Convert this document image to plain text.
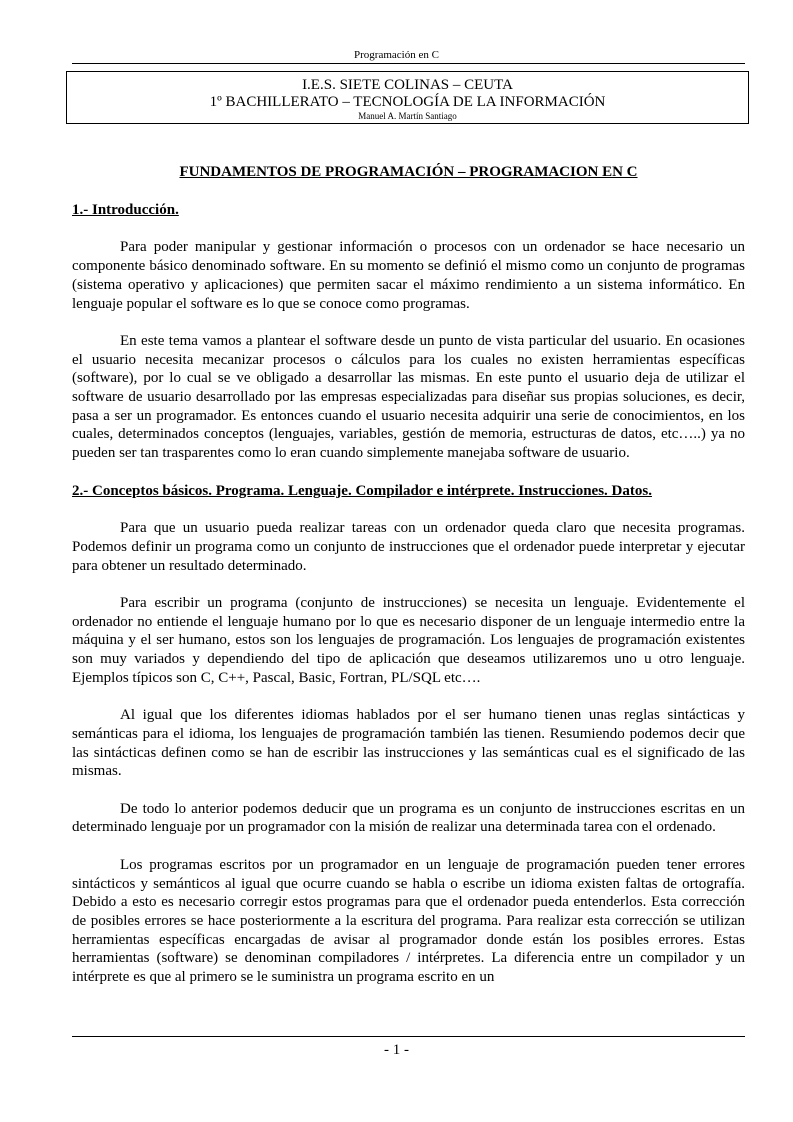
Programación en C
I.E.S. SIETE COLINAS – CEUTA
1º BACHILLERATO – TECNOLOGÍA DE LA INFORMACIÓN
Manuel A. Martín Santiago
FUNDAMENTOS DE PROGRAMACIÓN – PROGRAMACION EN C
1.- Introducción.

Para poder manipular y gestionar información o procesos con un ordenador se hace necesario un componente básico denominado software. En su momento se definió el mismo como un conjunto de programas (sistema operativo y aplicaciones) que permiten sacar el máximo rendimiento a un sistema informático. En lenguaje popular el software es lo que se conoce como programas.

En este tema vamos a plantear el software desde un punto de vista particular del usuario. En ocasiones el usuario necesita mecanizar procesos o cálculos para los cuales no existen herramientas específicas (software), por lo cual se ve obligado a desarrollar las mismas. En este punto el usuario deja de utilizar el software de usuario desarrollado por las empresas especializadas para diseñar sus propias soluciones, es decir, pasa a ser un programador. Es entonces cuando el usuario necesita adquirir una serie de conocimientos, en los cuales, determinados conceptos (lenguajes, variables, gestión de memoria, estructuras de datos, etc…..) ya no pueden ser tan trasparentes como lo eran cuando simplemente manejaba software de usuario.

2.- Conceptos básicos. Programa. Lenguaje. Compilador e intérprete. Instrucciones. Datos.

Para que un usuario pueda realizar tareas con un ordenador queda claro que necesita programas. Podemos definir un programa como un conjunto de instrucciones que el ordenador puede interpretar y ejecutar para obtener un resultado determinado.

Para escribir un programa (conjunto de instrucciones) se necesita un lenguaje. Evidentemente el ordenador no entiende el lenguaje humano por lo que es necesario disponer de un lenguaje intermedio entre la máquina y el ser humano, estos son los lenguajes de programación. Los lenguajes de programación existentes son muy variados y dependiendo del tipo de aplicación que deseamos utilizaremos uno u otro lenguaje. Ejemplos típicos son C, C++, Pascal, Basic, Fortran, PL/SQL etc….

Al igual que los diferentes idiomas hablados por el ser humano tienen unas reglas sintácticas y semánticas para el idioma, los lenguajes de programación también las tienen. Resumiendo podemos decir que las sintácticas definen como se han de escribir las instrucciones y las semánticas cual es el significado de las mismas.

De todo lo anterior podemos deducir que un programa es un conjunto de instrucciones escritas en un determinado lenguaje por un programador con la misión de realizar una determinada tarea con el ordenado.

Los programas escritos por un programador en un lenguaje de programación pueden tener errores sintácticos y semánticos al igual que ocurre cuando se habla o escribe un idioma existen faltas de ortografía. Debido a esto es necesario corregir estos programas para que el ordenador pueda entenderlos. Esta corrección de posibles errores se hace posteriormente a la escritura del programa. Para realizar esta corrección se utilizan herramientas específicas encargadas de avisar al programador donde están los posibles errores. Estas herramientas (software) se denominan compiladores / intérpretes. La diferencia entre un compilador y un intérprete es que al primero se le suministra un programa escrito en un

- 1 -
